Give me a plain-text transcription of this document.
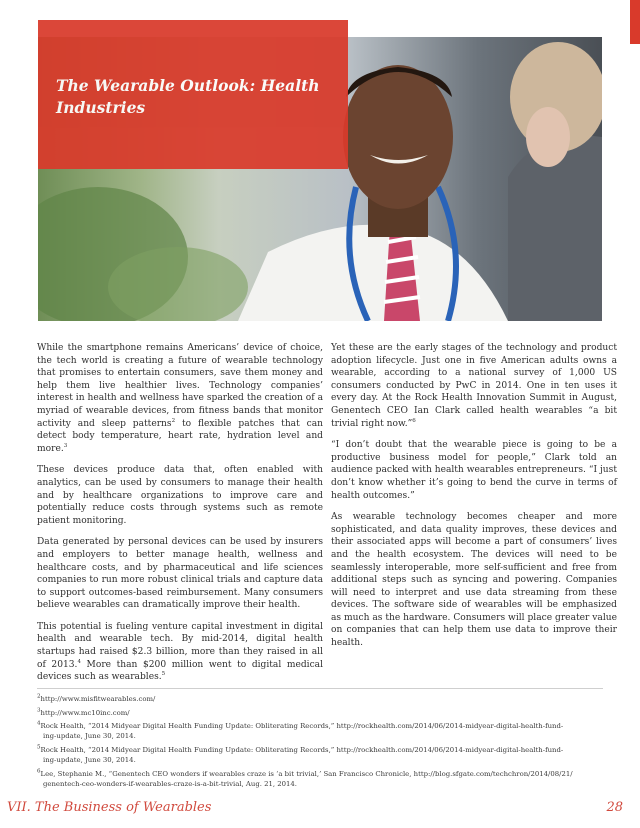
The Wearable Outlook: Health Industries

While the smartphone remains Americans’ device of choice, the tech world is creating a future of wearable technology that promises to entertain consumers, save them money and help them live healthier lives. Technology companies’ interest in health and wellness have sparked the creation of a myriad of wearable devices, from fitness bands that monitor activity and sleep patterns$^2$ to flexible patches that can detect body temperature, heart rate, hydration level and more.$^3$

These devices produce data that, often enabled with analytics, can be used by consumers to manage their health and by healthcare organizations to improve care and potentially reduce costs through systems such as remote patient monitoring.

Data generated by personal devices can be used by insurers and employers to better manage health, wellness and healthcare costs, and by pharmaceutical and life sciences companies to run more robust clinical trials and capture data to support outcomes-based reimbursement. Many consumers believe wearables can dramatically improve their health.

This potential is fueling venture capital investment in digital health and wearable tech. By mid-2014, digital health startups had raised $2.3 billion, more than they raised in all of 2013.$^4$ More than $200 million went to digital medical devices such as wearables.$^5$

Yet these are the early stages of the technology and product adoption lifecycle. Just one in five American adults owns a wearable, according to a national survey of 1,000 US consumers conducted by PwC in 2014. One in ten uses it every day. At the Rock Health Innovation Summit in August, Genentech CEO Ian Clark called health wearables “a bit trivial right now.”$^6$

“I don’t doubt that the wearable piece is going to be a productive business model for people,” Clark told an audience packed with health wearables entrepreneurs. “I just don’t know whether it’s going to bend the curve in terms of health outcomes.”

As wearable technology becomes cheaper and more sophisticated, and data quality improves, these devices and their associated apps will become a part of consumers’ lives and the health ecosystem. The devices will need to be seamlessly interoperable, more self-sufficient and free from additional steps such as syncing and powering. Companies will need to interpret and use data streaming from these devices. The software side of wearables will be emphasized as much as the hardware. Consumers will place greater value on companies that can help them use data to improve their health.

$^2$http://www.misfitwearables.com/
$^3$http://www.mc10inc.com/
$^4$Rock Health, “2014 Midyear Digital Health Funding Update: Obliterating Records,” http://rockhealth.com/2014/06/2014-midyear-digital-health-fund-
ing-update, June 30, 2014.
$^5$Rock Health, “2014 Midyear Digital Health Funding Update: Obliterating Records,” http://rockhealth.com/2014/06/2014-midyear-digital-health-fund-
ing-update, June 30, 2014.
$^6$Lee, Stephanie M., “Genentech CEO wonders if wearables craze is ‘a bit trivial,’ San Francisco Chronicle, http://blog.sfgate.com/techchron/2014/08/21/
genentech-ceo-wonders-if-wearables-craze-is-a-bit-trivial, Aug. 21, 2014.
VII. The Business of Wearables	28
